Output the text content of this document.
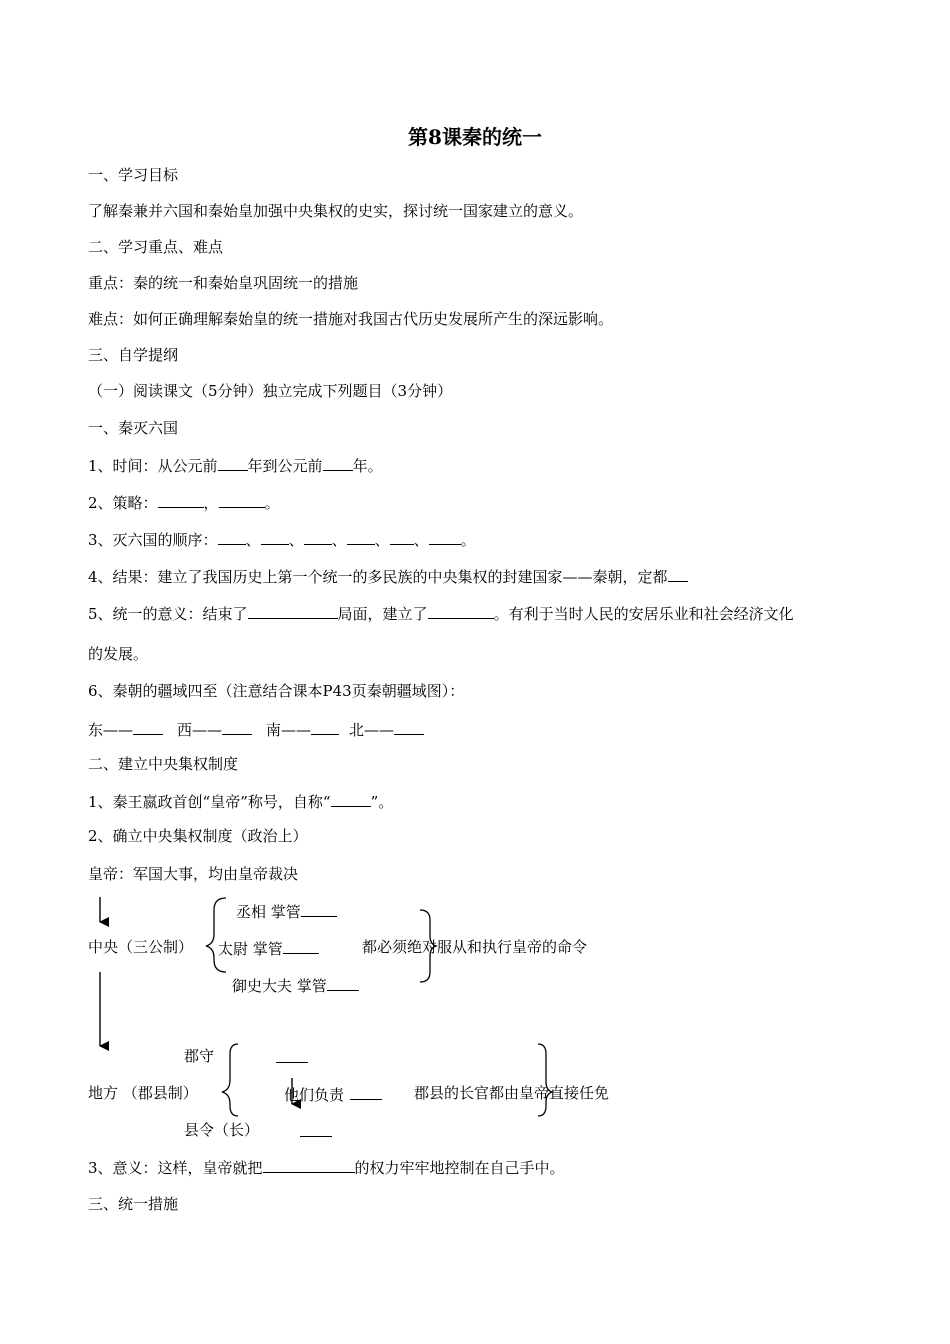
第8课秦的统一
一、学习目标
了解秦兼并六国和秦始皇加强中央集权的史实，探讨统一国家建立的意义。
二、学习重点、难点
重点：秦的统一和秦始皇巩固统一的措施
难点：如何正确理解秦始皇的统一措施对我国古代历史发展所产生的深远影响。
三、自学提纲
（一）阅读课文（5分钟）独立完成下列题目（3分钟）
一、秦灭六国
1、时间：从公元前 年到公元前 年。
2、策略：	，	。
3、灭六国的顺序： 、 、 、 、 、 。
4、结果：建立了我国历史上第一个统一的多民族的中央集权的封建国家——秦朝，定都
5、统一的意义：结束了	局面，建立了	。有利于当时人民的安居乐业和社会经济文化
的发展。
6、秦朝的疆域四至（注意结合课本P43页秦朝疆域图）：
东——	西——	南——	北——
二、建立中央集权制度
1、秦王嬴政首创“皇帝”称号，自称“	”。
2、确立中央集权制度（政治上）
皇帝：军国大事，均由皇帝裁决
丞相 掌管
中央（三公制） 太尉 掌管	都必须绝对服从和执行皇帝的命令
御史大夫 掌管
郡守
地方 （郡县制）	他们负责	郡县的长官都由皇帝直接任免
县令（长）
3、意义：这样，皇帝就把	的权力牢牢地控制在自己手中。
三、统一措施
